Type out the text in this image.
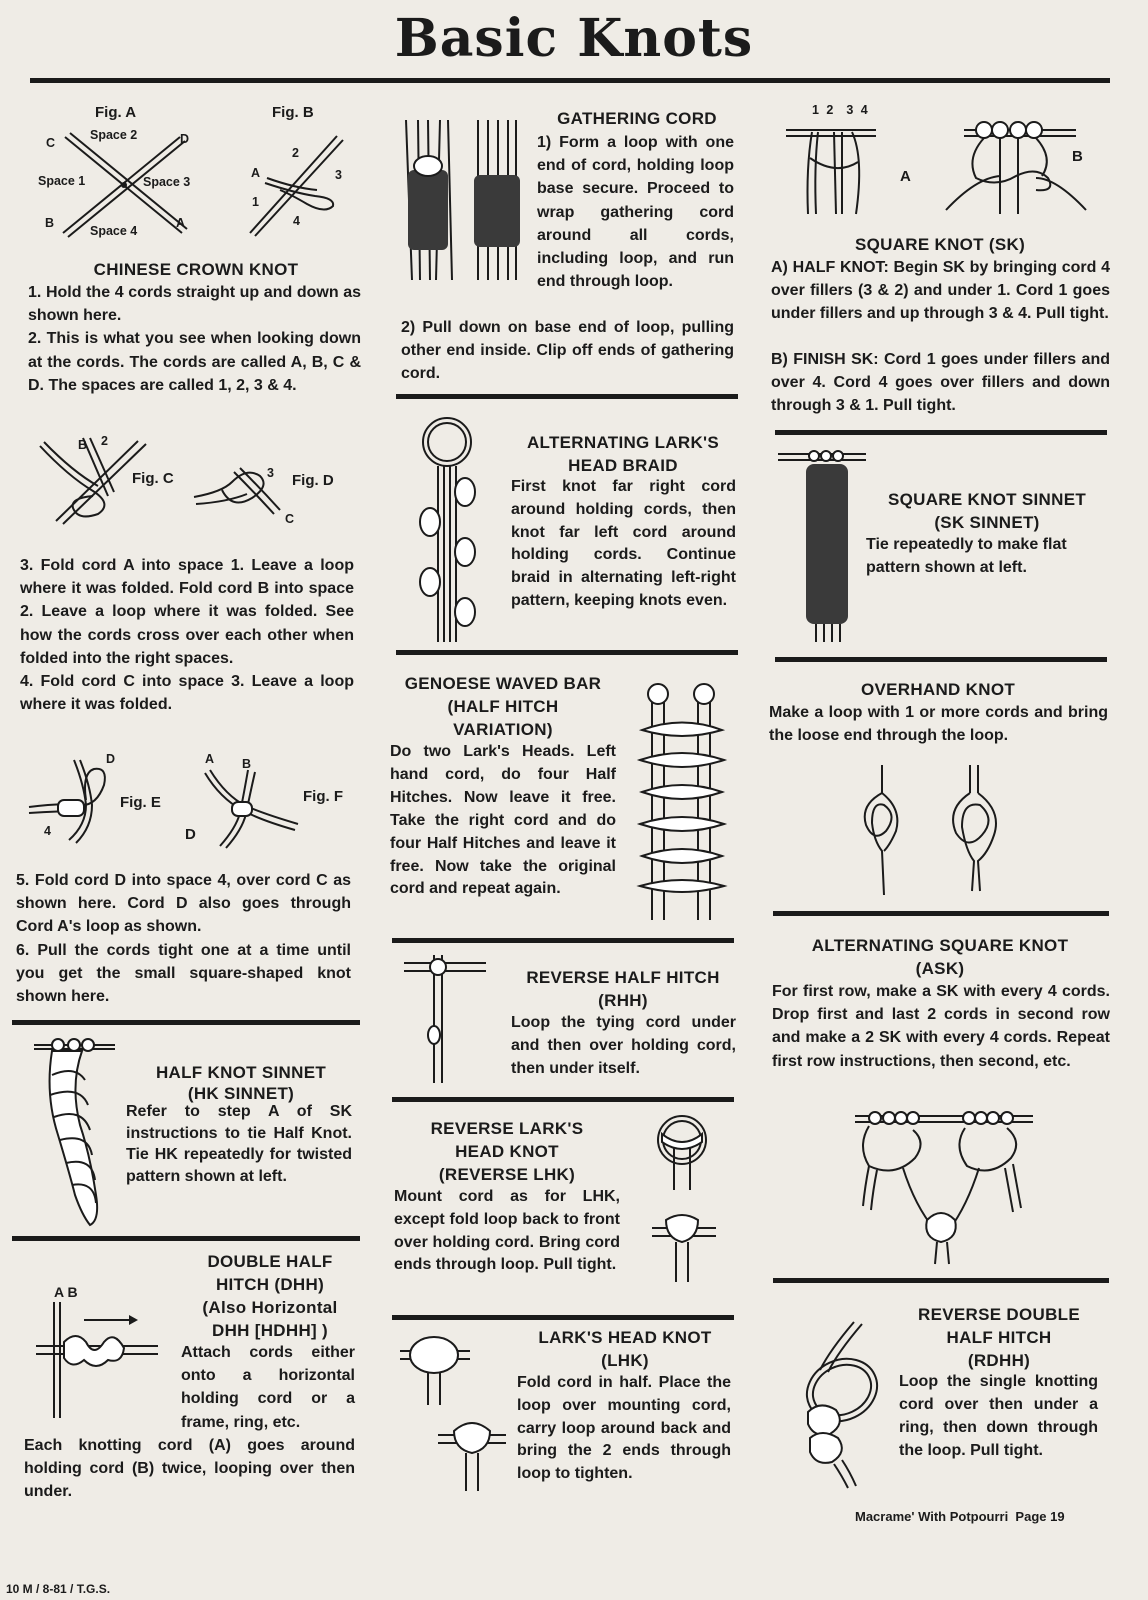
Basic Knots
Fig. A	Fig. B
C
Space 2	D
Space 1	Space 3
B
Space 4
A
2
A	3
1
4
CHINESE CROWN KNOT

1. Hold the 4 cords straight up and down as shown here.

2. This is what you see when looking down at the cords. The cords are called A, B, C & D. The spaces are called 1, 2, 3 & 4.

B 2
Fig. C	3 Fig. D
C

3. Fold cord A into space 1. Leave a loop where it was folded. Fold cord B into space 2. Leave a loop where it was folded. See how the cords cross over each other when folded into the right spaces.

4. Fold cord C into space 3. Leave a loop where it was folded.

D
Fig. E
4
A B
Fig. F
D

5. Fold cord D into space 4, over cord C as shown here. Cord D also goes through Cord A's loop as shown.

6. Pull the cords tight one at a time until you get the small square-shaped knot shown here.

HALF KNOT SINNET
(HK SINNET)
Refer to step A of SK instructions to tie Half Knot. Tie HK repeatedly for twisted pattern shown at left.
A B
DOUBLE HALF
HITCH (DHH)
(Also Horizontal
DHH [HDHH] )
Attach cords either onto a horizontal holding cord or a frame, ring, etc.
Each knotting cord (A) goes around holding cord (B) twice, looping over then under.
GATHERING CORD
1) Form a loop with one end of cord, holding loop base secure. Proceed to wrap gathering cord around all cords, including loop, and run end through loop.
2) Pull down on base end of loop, pulling other end inside. Clip off ends of gathering cord.
ALTERNATING LARK'S
HEAD BRAID
First knot far right cord around holding cords, then knot far left cord around holding cords. Continue braid in alternating left-right pattern, keeping knots even.
GENOESE WAVED BAR
(HALF HITCH
VARIATION)
Do two Lark's Heads. Left hand cord, do four Half Hitches. Now leave it free. Take the right cord and do four Half Hitches and leave it free. Now take the original cord and repeat again.
REVERSE HALF HITCH
(RHH)
Loop the tying cord under and then over holding cord, then under itself.
REVERSE LARK'S
HEAD KNOT
(REVERSE LHK)
Mount cord as for LHK, except fold loop back to front over holding cord. Bring cord ends through loop. Pull tight.
LARK'S HEAD KNOT
(LHK)
Fold cord in half. Place the loop over mounting cord, carry loop around back and bring the 2 ends through loop to tighten.
1 2  3 4
A
B
SQUARE KNOT (SK)
A) HALF KNOT: Begin SK by bringing cord 4 over fillers (3 & 2) and under 1. Cord 1 goes under fillers and up through 3 & 4. Pull tight.
B) FINISH SK: Cord 1 goes under fillers and over 4. Cord 4 goes over fillers and down through 3 & 1. Pull tight.
SQUARE KNOT SINNET
(SK SINNET)
Tie repeatedly to make flat pattern shown at left.
OVERHAND KNOT
Make a loop with 1 or more cords and bring the loose end through the loop.
ALTERNATING SQUARE KNOT
(ASK)
For first row, make a SK with every 4 cords. Drop first and last 2 cords in second row and make a 2 SK with every 4 cords. Repeat first row instructions, then second, etc.
REVERSE DOUBLE
HALF HITCH
(RDHH)
Loop the single knotting cord over then under a ring, then down through the loop. Pull tight.
Macrame' With Potpourri  Page 19
10 M / 8-81 / T.G.S.
